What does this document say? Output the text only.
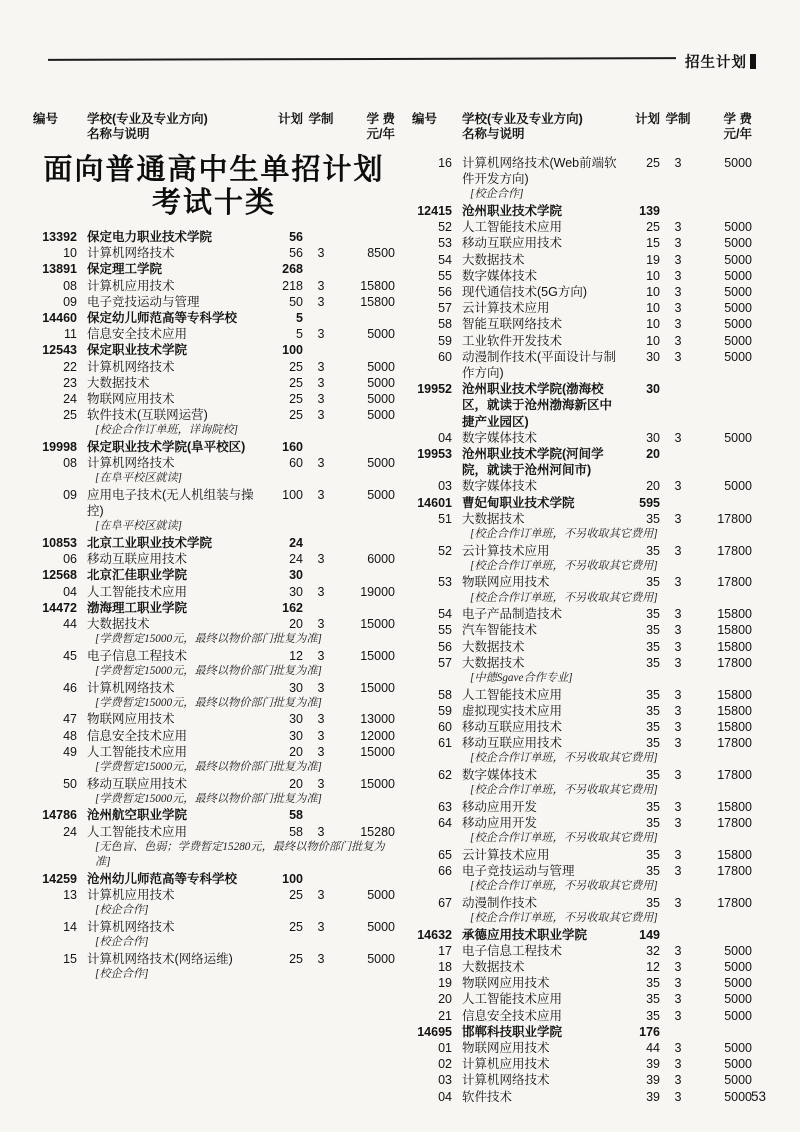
招生计划
编号	学校(专业及专业方向)
名称与说明
计划 学制	学 费
元/年
面向普通高中生单招计划
考试十类
13392 保定电力职业技术学院	56
10 计算机网络技术	56	3	8500
13891 保定理工学院	268
08 计算机应用技术	218	3	15800
09 电子竞技运动与管理	50	3	15800
14460 保定幼儿师范高等专科学校	5
11 信息安全技术应用	5	3	5000
12543 保定职业技术学院	100
22 计算机网络技术	25	3	5000
23 大数据技术	25	3	5000
24 物联网应用技术	25	3	5000
25 软件技术(互联网运营)	25	3	5000
[校企合作订单班，详询院校]
19998 保定职业技术学院(阜平校区)	160
08 计算机网络技术	60	3	5000
[在阜平校区就读]
09 应用电子技术(无人机组装与操控)
100	3	5000
[在阜平校区就读]
10853 北京工业职业技术学院	24
06 移动互联应用技术	24	3	6000
12568 北京汇佳职业学院	30
04 人工智能技术应用	30	3	19000
14472 渤海理工职业学院	162
44 大数据技术	20	3	15000
[学费暂定15000元，最终以物价部门批复为准]
45 电子信息工程技术	12	3	15000
[学费暂定15000元，最终以物价部门批复为准]
46 计算机网络技术	30	3	15000
[学费暂定15000元，最终以物价部门批复为准]
47 物联网应用技术	30	3	13000
48 信息安全技术应用	30	3	12000
49 人工智能技术应用	20	3	15000
[学费暂定15000元，最终以物价部门批复为准]
50 移动互联应用技术	20	3	15000
[学费暂定15000元，最终以物价部门批复为准]
14786 沧州航空职业学院	58
24 人工智能技术应用	58	3	15280
[无色盲、色弱；学费暂定15280元，最终以物价部门批复为准]
14259 沧州幼儿师范高等专科学校	100
13 计算机应用技术	25	3	5000
[校企合作]
14 计算机网络技术	25	3	5000
[校企合作]
15 计算机网络技术(网络运维)	25	3	5000
[校企合作]
编号	学校(专业及专业方向)
名称与说明
计划 学制	学 费
元/年
16 计算机网络技术(Web前端软件开发方向)
25	3	5000
[校企合作]
12415 沧州职业技术学院	139
52 人工智能技术应用	25	3	5000
53 移动互联应用技术	15	3	5000
54 大数据技术	19	3	5000
55 数字媒体技术	10	3	5000
56 现代通信技术(5G方向)	10	3	5000
57 云计算技术应用	10	3	5000
58 智能互联网络技术	10	3	5000
59 工业软件开发技术	10	3	5000
60 动漫制作技术(平面设计与制作方向)
30	3	5000
19952 沧州职业技术学院(渤海校区，就读于沧州渤海新区中捷产业园区)
30
04 数字媒体技术	30	3	5000
19953 沧州职业技术学院(河间学院，就读于沧州河间市)
20
03 数字媒体技术	20	3	5000
14601 曹妃甸职业技术学院	595
51 大数据技术	35	3	17800
[校企合作订单班，不另收取其它费用]
52 云计算技术应用	35	3	17800
[校企合作订单班，不另收取其它费用]
53 物联网应用技术	35	3	17800
[校企合作订单班，不另收取其它费用]
54 电子产品制造技术	35	3	15800
55 汽车智能技术	35	3	15800
56 大数据技术	35	3	15800
57 大数据技术	35	3	17800
[中德Sgave合作专业]
58 人工智能技术应用	35	3	15800
59 虚拟现实技术应用	35	3	15800
60 移动互联应用技术	35	3	15800
61 移动互联应用技术	35	3	17800
[校企合作订单班，不另收取其它费用]
62 数字媒体技术	35	3	17800
[校企合作订单班，不另收取其它费用]
63 移动应用开发	35	3	15800
64 移动应用开发	35	3	17800
[校企合作订单班，不另收取其它费用]
65 云计算技术应用	35	3	15800
66 电子竞技运动与管理	35	3	17800
[校企合作订单班，不另收取其它费用]
67 动漫制作技术	35	3	17800
[校企合作订单班，不另收取其它费用]
14632 承德应用技术职业学院	149
17 电子信息工程技术	32	3	5000
18 大数据技术	12	3	5000
19 物联网应用技术	35	3	5000
20 人工智能技术应用	35	3	5000
21 信息安全技术应用	35	3	5000
14695 邯郸科技职业学院	176
01 物联网应用技术	44	3	5000
02 计算机应用技术	39	3	5000
03 计算机网络技术	39	3	5000
04 软件技术	39	3	5000
53
